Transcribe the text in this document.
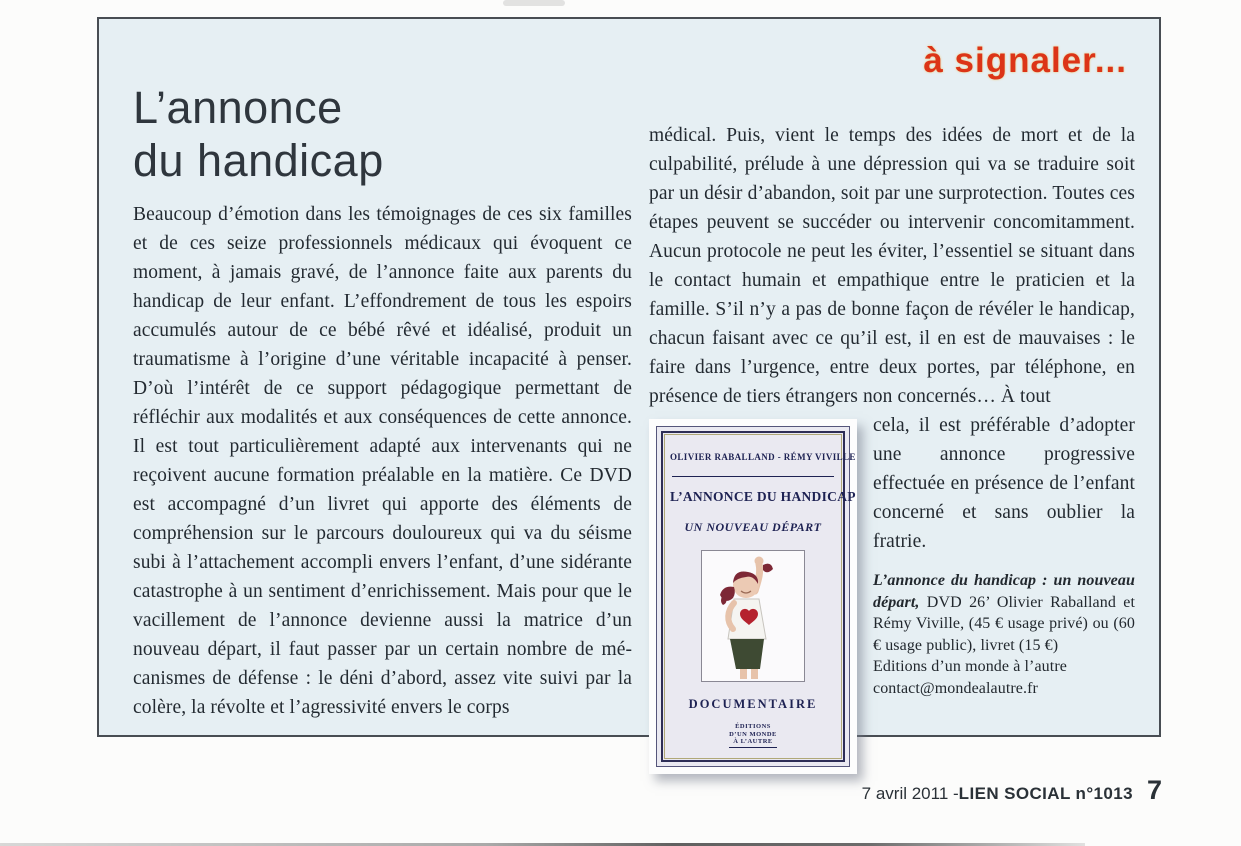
à signaler...
L’annonce
du handicap

Beaucoup d’émotion dans les témoignages de ces six familles et de ces seize professionnels médicaux qui évoquent ce moment, à jamais gravé, de l’annonce faite aux parents du handicap de leur enfant. L’effondrement de tous les espoirs accumulés autour de ce bébé rêvé et idéalisé, produit un traumatisme à l’origine d’une véritable incapacité à penser. D’où l’intérêt de ce support pédagogique permettant de réfléchir aux modalités et aux conséquences de cette annonce. Il est tout particulièrement adapté aux intervenants qui ne reçoivent aucune formation préalable en la matière. Ce DVD est accompagné d’un livret qui apporte des éléments de compréhension sur le parcours douloureux qui va du séisme subi à l’attachement accompli envers l’enfant, d’une sidérante catastrophe à un sentiment d’enrichissement. Mais pour que le vacillement de l’annonce devienne aussi la matrice d’un nouveau départ, il faut passer par un certain nombre de mécanismes de défense : le déni d’abord, assez vite suivi par la colère, la révolte et l’agressivité envers le corps

médical. Puis, vient le temps des idées de mort et de la culpabilité, prélude à une dépression qui va se traduire soit par un désir d’abandon, soit par une surprotection. Toutes ces étapes peuvent se succéder ou intervenir concomitamment. Aucun protocole ne peut les éviter, l’essentiel se situant dans le contact humain et empathique entre le praticien et la famille. S’il n’y a pas de bonne façon de révéler le handicap, chacun faisant avec ce qu’il est, il en est de mauvaises : le faire dans l’urgence, entre deux portes, par téléphone, en présence de tiers étrangers non concernés… À tout

OLIVIER RABALLAND - RÉMY VIVILLE
L’ANNONCE DU HANDICAP
UN NOUVEAU DÉPART
DOCUMENTAIRE
ÉDITIONS
D’UN MONDE
À L’AUTRE

cela, il est préférable d’adopter une annonce progressive effectuée en présence de l’enfant concerné et sans oublier la fratrie.

L’annonce du handicap : un nouveau départ, DVD 26’ Olivier Raballand et Rémy Viville, (45 € usage privé) ou (60 € usage public), livret (15 €)

Editions d’un monde à l’autre

contact@mondealautre.fr

7 avril 2011 - LIEN SOCIAL n°1013 7
